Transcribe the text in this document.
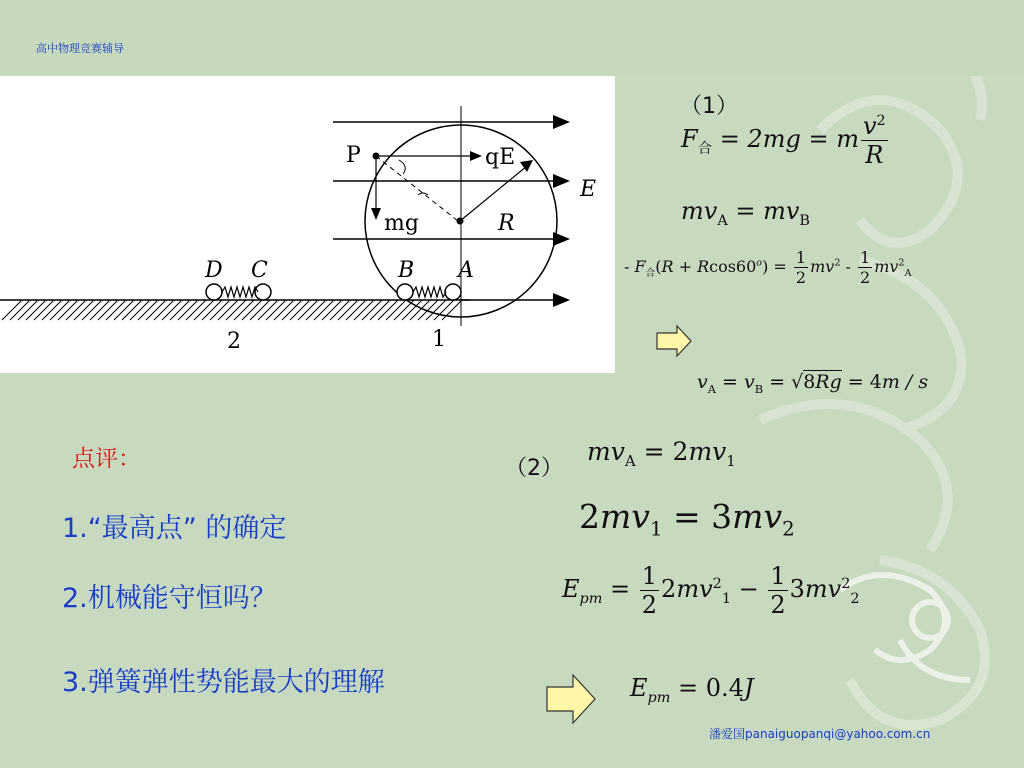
高中物理竞赛辅导
P	qE
mg	R
E
D C	B A
2	1
（1）
$F_合 = 2mg = m \frac{v^2}{R}$
$mv_A = mv_B$
- $F_合(R + Rcos60^o) = \frac{1}{2} mv^2 - \frac{1}{2} mv^2_A$
$v_A = v_B = √8Rg = 4m / s$
（2）
$mv_A = 2mv_1$
$2mv_1 = 3mv_2$
$E_{pm} = \frac{1}{2} 2mv^2_1 - \frac{1}{2} 3mv^2_2$
$E_{pm} = 0.4J$
点评：
1.“最高点” 的确定
2.机械能守恒吗？
3.弹簧弹性势能最大的理解
潘爱国panaiguopanqi@yahoo.com.cn
